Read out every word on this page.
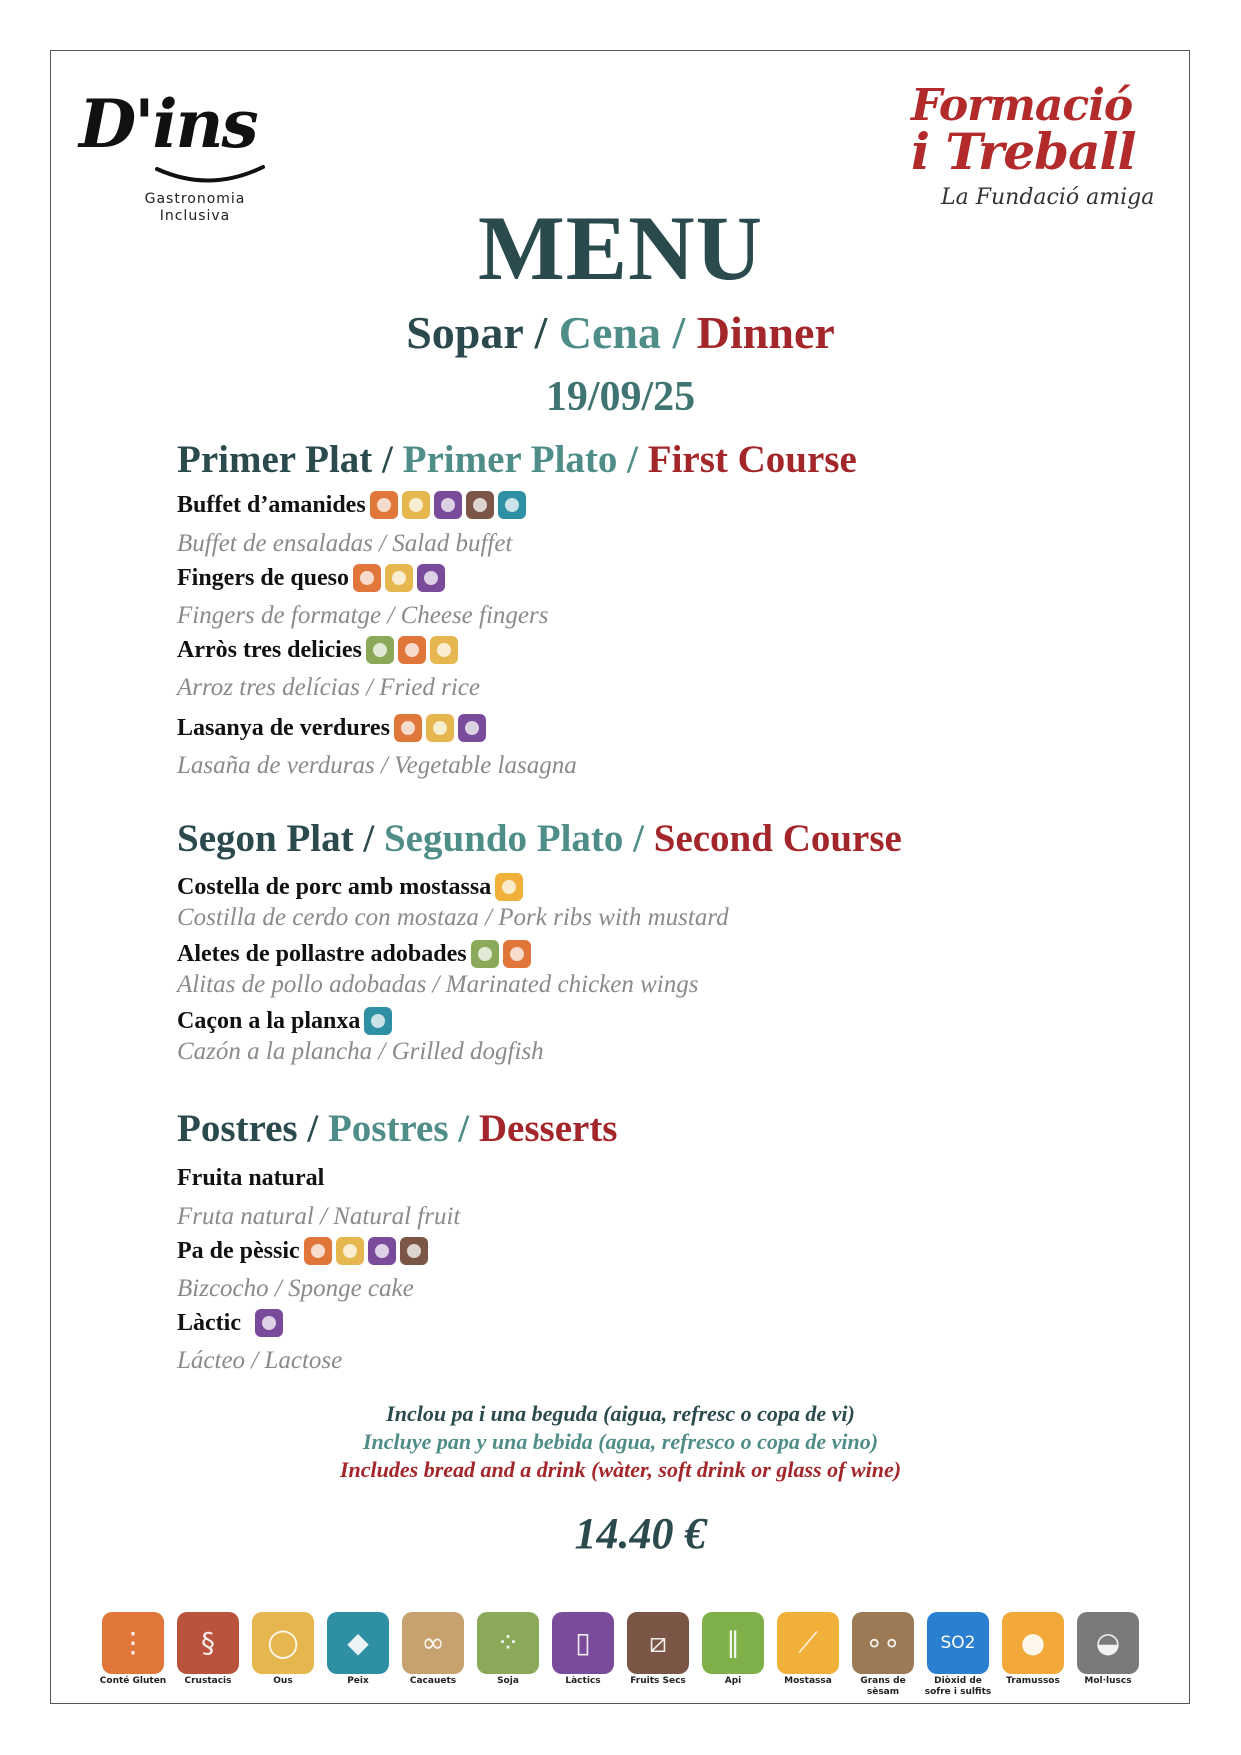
D'ins
Gastronomia
Inclusiva
Formació
i Treball
La Fundació amiga
MENU
Sopar / Cena / Dinner
19/09/25
Primer Plat / Primer Plato / First Course
Buffet d’amanides
Buffet de ensaladas / Salad buffet
Fingers de queso
Fingers de formatge / Cheese fingers
Arròs tres delicies
Arroz tres delícias / Fried rice
Lasanya de verdures
Lasaña de verduras / Vegetable lasagna
Segon Plat / Segundo Plato / Second Course
Costella de porc amb mostassa
Costilla de cerdo con mostaza / Pork ribs with mustard
Aletes de pollastre adobades
Alitas de pollo adobadas / Marinated chicken wings
Caçon a la planxa
Cazón a la plancha / Grilled dogfish
Postres / Postres / Desserts
Fruita natural
Fruta natural / Natural fruit
Pa de pèssic
Bizcocho / Sponge cake
Làctic
Lácteo / Lactose
Inclou pa i una beguda (aigua, refresc o copa de vi)
Incluye pan y una bebida (agua, refresco o copa de vino)
Includes bread and a drink (wàter, soft drink or glass of wine)
14.40 €
⋮
Conté Gluten
§
Crustacis
◯
Ous
◆
Peix
∞
Cacauets
⁘
Soja
▯
Làctics
⧄
Fruits Secs
∥
Api
⟋
Mostassa
∘∘
Grans de sèsam
SO2
Diòxid de sofre i sulfits
●
Tramussos
◒
Mol·luscs
